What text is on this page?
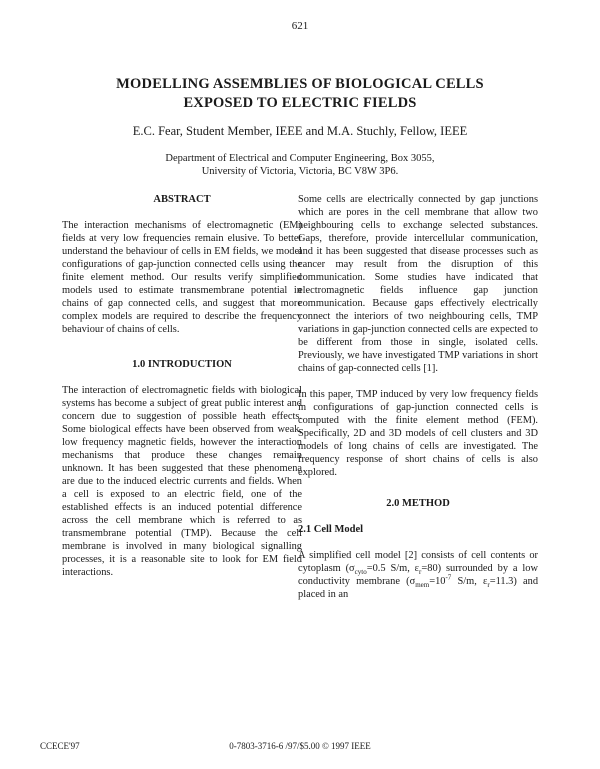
621
MODELLING ASSEMBLIES OF BIOLOGICAL CELLS
EXPOSED TO ELECTRIC FIELDS
E.C. Fear, Student Member, IEEE and M.A. Stuchly, Fellow, IEEE
Department of Electrical and Computer Engineering, Box 3055,
University of Victoria, Victoria, BC V8W 3P6.
ABSTRACT

The interaction mechanisms of electromagnetic (EM) fields at very low frequencies remain elusive. To better understand the behaviour of cells in EM fields, we model configurations of gap-junction connected cells using the finite element method. Our results verify simplified models used to estimate transmembrane potential in chains of gap connected cells, and suggest that more complex models are required to describe the frequency behaviour of chains of cells.

1.0 INTRODUCTION

The interaction of electromagnetic fields with biological systems has become a subject of great public interest and concern due to suggestion of possible heath effects. Some biological effects have been observed from weak, low frequency magnetic fields, however the interaction mechanisms that produce these changes remain unknown. It has been suggested that these phenomena are due to the induced electric currents and fields. When a cell is exposed to an electric field, one of the established effects is an induced potential difference across the cell membrane which is referred to as transmembrane potential (TMP). Because the cell membrane is involved in many biological signalling processes, it is a reasonable site to look for EM field interactions.

Some cells are electrically connected by gap junctions which are pores in the cell membrane that allow two neighbouring cells to exchange selected substances. Gaps, therefore, provide intercellular communication, and it has been suggested that disease processes such as cancer may result from the disruption of this communication. Some studies have indicated that electromagnetic fields influence gap junction communication. Because gaps effectively electrically connect the interiors of two neighbouring cells, TMP variations in gap-junction connected cells are expected to be different from those in single, isolated cells. Previously, we have investigated TMP variations in short chains of gap-connected cells [1].

In this paper, TMP induced by very low frequency fields in configurations of gap-junction connected cells is computed with the finite element method (FEM). Specifically, 2D and 3D models of cell clusters and 3D models of long chains of cells are investigated. The frequency response of short chains of cells is also explored.

2.0 METHOD
2.1 Cell Model

A simplified cell model [2] consists of cell contents or cytoplasm ($\sigma_{cyto}=0.5$ S/m, $\varepsilon_r=80$) surrounded by a low conductivity membrane ($\sigma_{mem}=10^{-7}$ S/m, $\varepsilon_r=11.3$) and placed in an

CCECE'97	0-7803-3716-6 /97/$5.00 © 1997 IEEE
